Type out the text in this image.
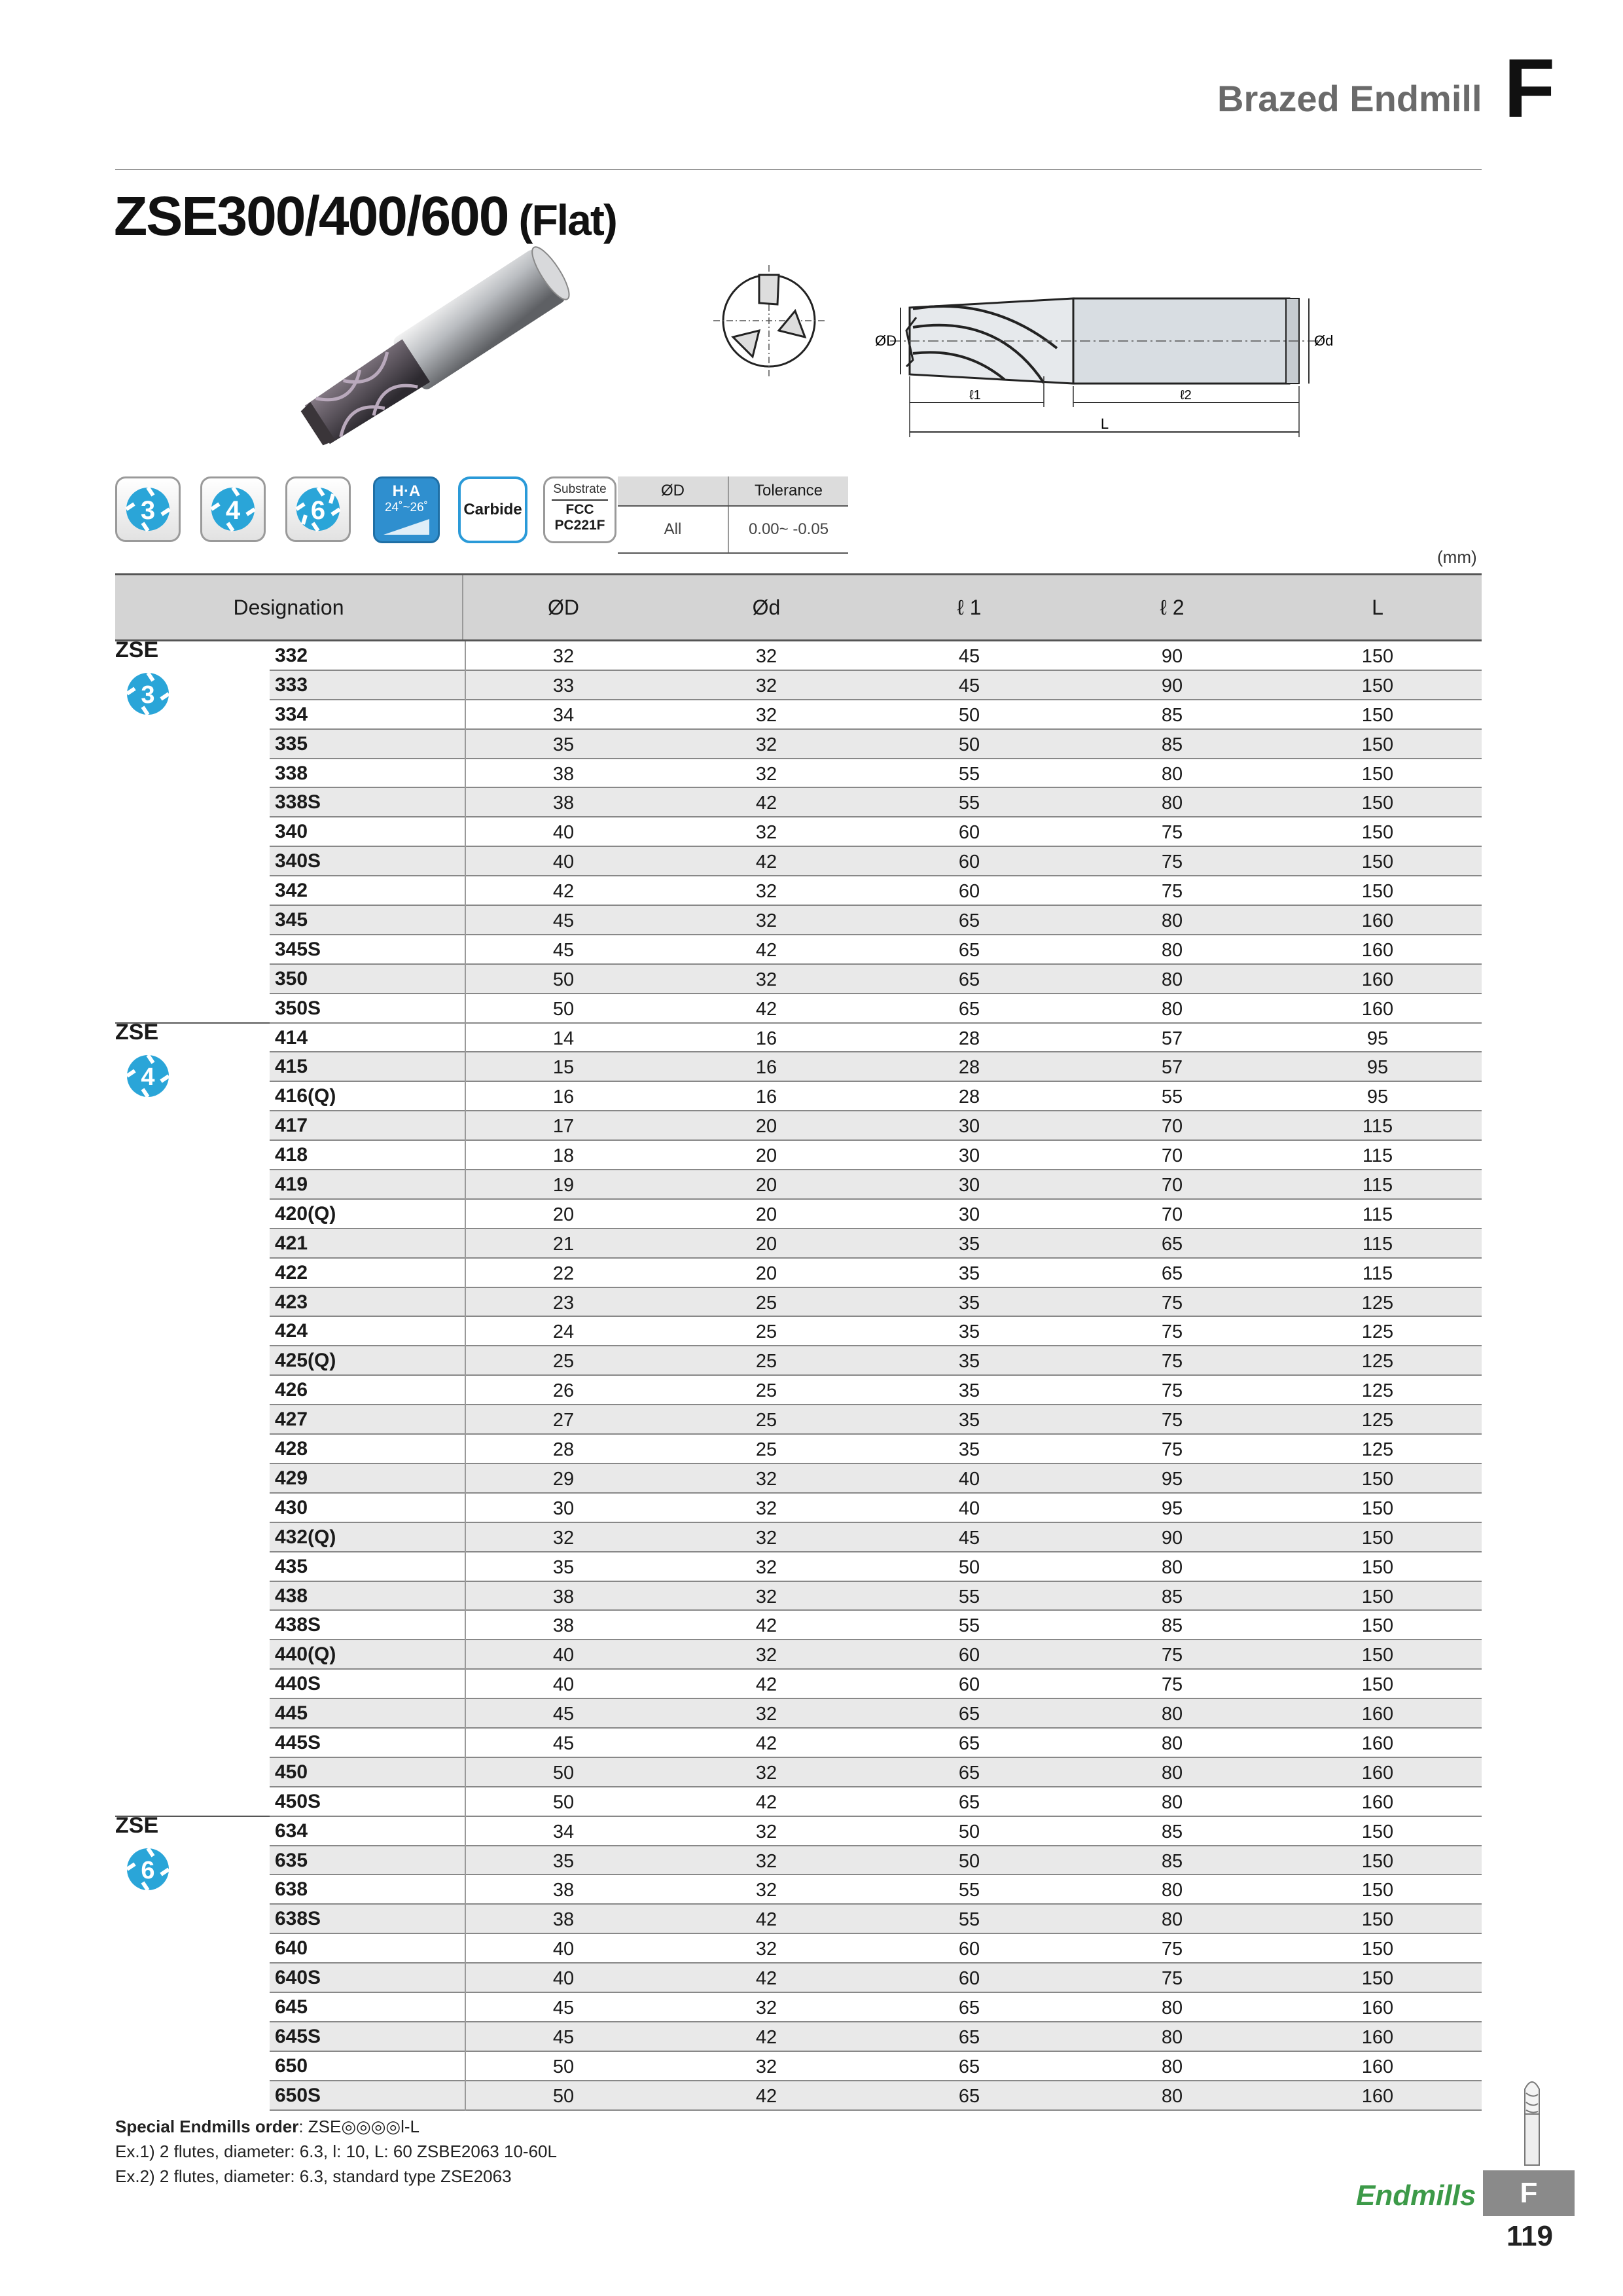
Brazed Endmill F
ZSE300/400/600 (Flat)
ØD	Ød
ℓ1	ℓ2
L
3	4	6
H·A
24˚~26˚	Carbide
Substrate
FCC
PC221F
ØD	Tolerance
All	0.00~ -0.05
(mm)
Designation	ØD	Ød	ℓ 1	ℓ 2	L
332	32	32	45	90	150
333	33	32	45	90	150
334	34	32	50	85	150
335	35	32	50	85	150
338	38	32	55	80	150
338S	38	42	55	80	150
340	40	32	60	75	150
340S	40	42	60	75	150
342	42	32	60	75	150
345	45	32	65	80	160
345S	45	42	65	80	160
350	50	32	65	80	160
350S	50	42	65	80	160
414	14	16	28	57	95
415	15	16	28	57	95
416(Q)	16	16	28	55	95
417	17	20	30	70	115
418	18	20	30	70	115
419	19	20	30	70	115
420(Q)	20	20	30	70	115
421	21	20	35	65	115
422	22	20	35	65	115
423	23	25	35	75	125
424	24	25	35	75	125
425(Q)	25	25	35	75	125
426	26	25	35	75	125
427	27	25	35	75	125
428	28	25	35	75	125
429	29	32	40	95	150
430	30	32	40	95	150
432(Q)	32	32	45	90	150
435	35	32	50	80	150
438	38	32	55	85	150
438S	38	42	55	85	150
440(Q)	40	32	60	75	150
440S	40	42	60	75	150
445	45	32	65	80	160
445S	45	42	65	80	160
450	50	32	65	80	160
450S	50	42	65	80	160
634	34	32	50	85	150
635	35	32	50	85	150
638	38	32	55	80	150
638S	38	42	55	80	150
640	40	32	60	75	150
640S	40	42	60	75	150
645	45	32	65	80	160
645S	45	42	65	80	160
650	50	32	65	80	160
650S	50	42	65	80	160
Special Endmills order: ZSE◎◎◎◎l-L
Ex.1) 2 flutes, diameter: 6.3, l: 10, L: 60 ZSBE2063 10-60L
Ex.2) 2 flutes, diameter: 6.3, standard type ZSE2063
Endmills	F
119
ZSE
3
ZSE
4
ZSE
6
